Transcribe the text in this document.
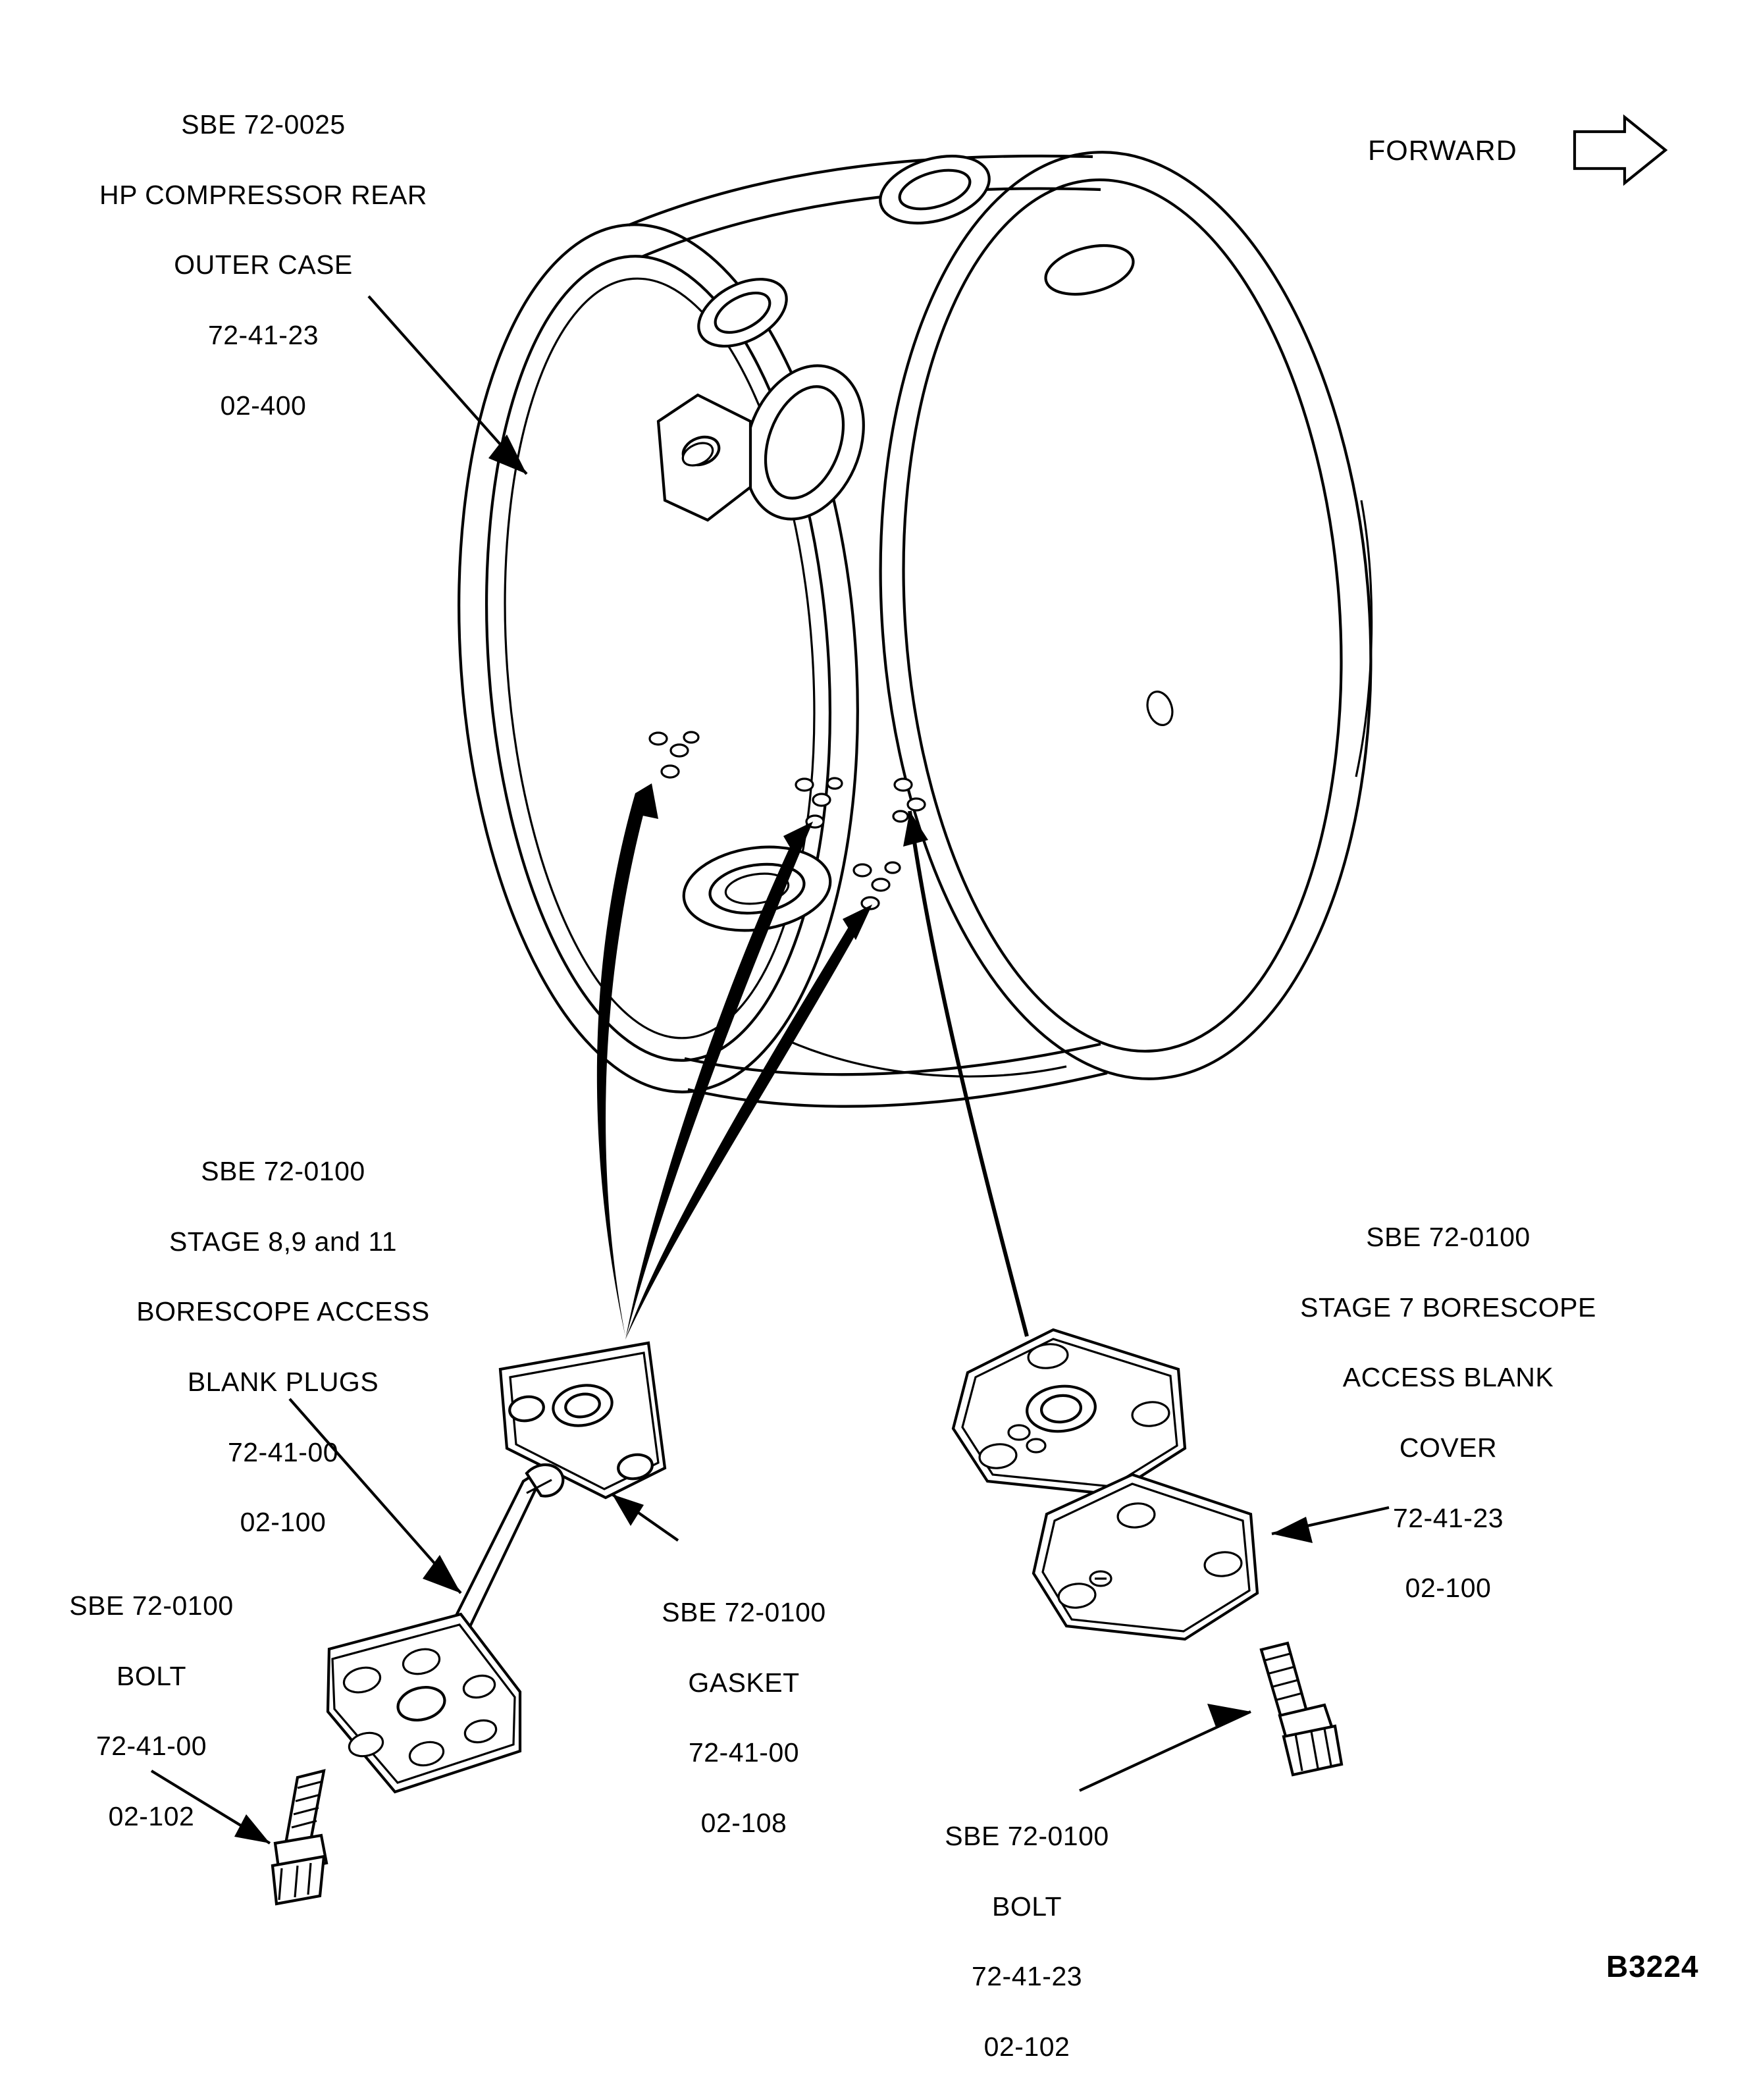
SBE 72-0025

HP COMPRESSOR REAR

OUTER CASE

72-41-23

02-400

SBE 72-0100

STAGE 8,9 and 11

BORESCOPE ACCESS

BLANK PLUGS

72-41-00

02-100

SBE 72-0100

BOLT

72-41-00

02-102

SBE 72-0100

GASKET

72-41-00

02-108

SBE 72-0100

STAGE 7 BORESCOPE

ACCESS BLANK

COVER

72-41-23

02-100

SBE 72-0100

BOLT

72-41-23

02-102

FORWARD
B3224
